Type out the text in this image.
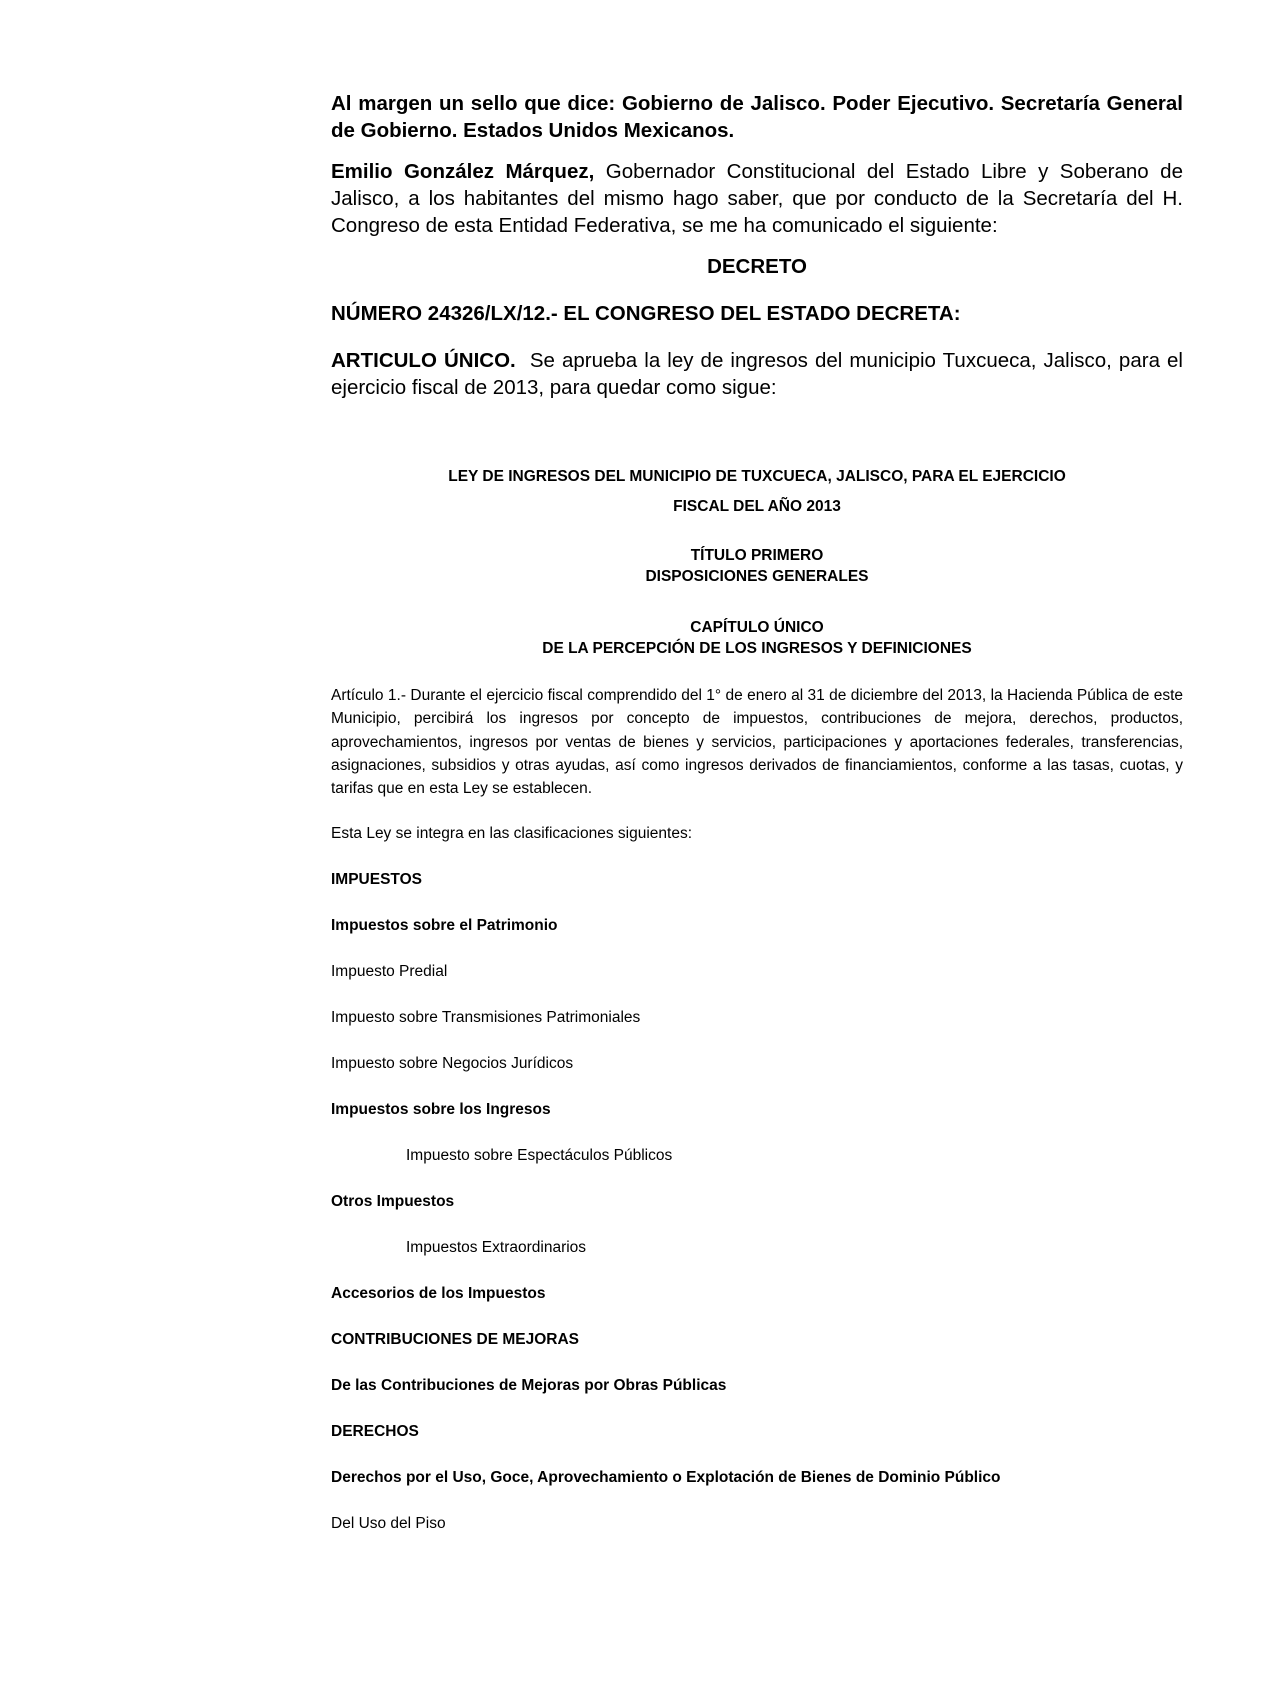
Al margen un sello que dice: Gobierno de Jalisco. Poder Ejecutivo. Secretaría General de Gobierno. Estados Unidos Mexicanos.

Emilio González Márquez, Gobernador Constitucional del Estado Libre y Soberano de Jalisco, a los habitantes del mismo hago saber, que por conducto de la Secretaría del H. Congreso de esta Entidad Federativa, se me ha comunicado el siguiente:

DECRETO

NÚMERO 24326/LX/12.- EL CONGRESO DEL ESTADO DECRETA:

ARTICULO ÚNICO.  Se aprueba la ley de ingresos del municipio Tuxcueca, Jalisco, para el ejercicio fiscal de 2013, para quedar como sigue:

LEY DE INGRESOS DEL MUNICIPIO DE TUXCUECA, JALISCO, PARA EL EJERCICIO
FISCAL DEL AÑO 2013

TÍTULO PRIMERO
DISPOSICIONES GENERALES

CAPÍTULO ÚNICO
DE LA PERCEPCIÓN DE LOS INGRESOS Y DEFINICIONES

Artículo 1.- Durante el ejercicio fiscal comprendido del 1° de enero al 31 de diciembre del 2013, la Hacienda Pública de este Municipio, percibirá los ingresos por concepto de impuestos, contribuciones de mejora, derechos, productos, aprovechamientos, ingresos por ventas de bienes y servicios, participaciones y aportaciones federales, transferencias, asignaciones, subsidios y otras ayudas, así como ingresos derivados de financiamientos, conforme a las tasas, cuotas, y tarifas que en esta Ley se establecen.

Esta Ley se integra en las clasificaciones siguientes:

IMPUESTOS

Impuestos sobre el Patrimonio

Impuesto Predial

Impuesto sobre Transmisiones Patrimoniales

Impuesto sobre Negocios Jurídicos

Impuestos sobre los Ingresos

Impuesto sobre Espectáculos Públicos

Otros Impuestos

Impuestos Extraordinarios

Accesorios de los Impuestos

CONTRIBUCIONES DE MEJORAS

De las Contribuciones de Mejoras por Obras Públicas

DERECHOS

Derechos por el Uso, Goce, Aprovechamiento o Explotación de Bienes de Dominio Público

Del Uso del Piso
